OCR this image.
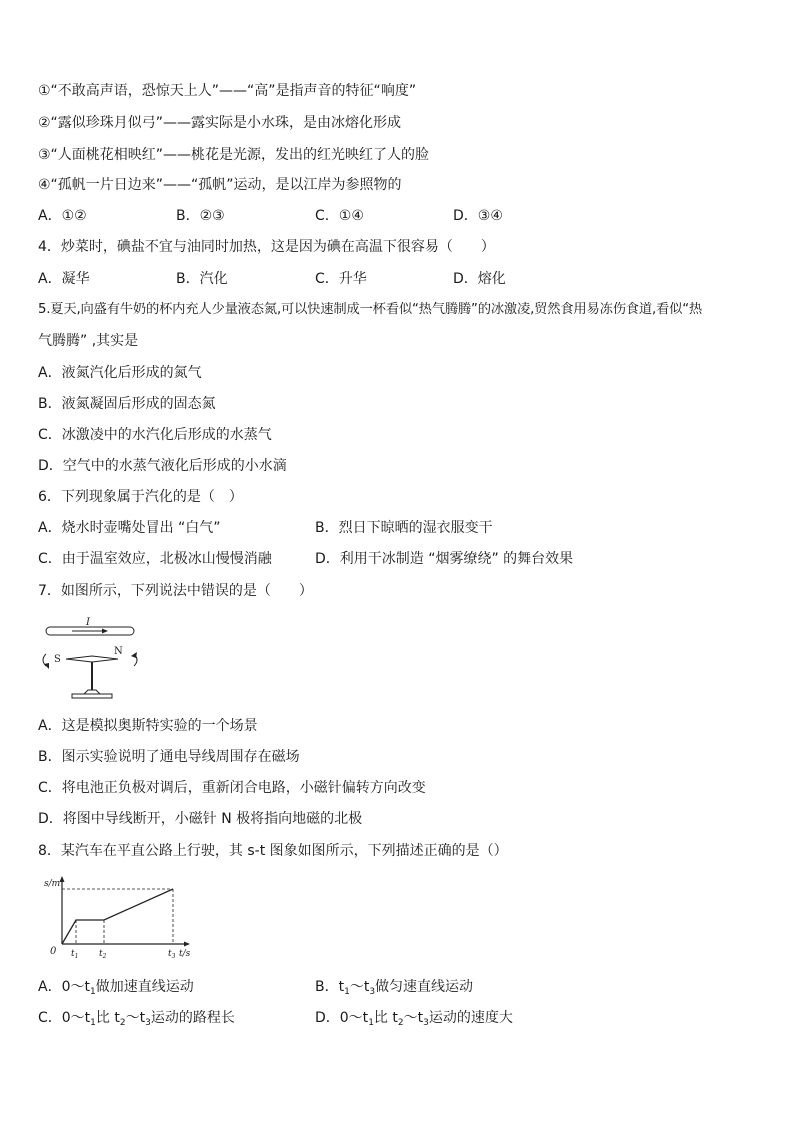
①“不敢高声语，恐惊天上人”——“高”是指声音的特征“响度”
②“露似珍珠月似弓”——露实际是小水珠，是由冰熔化形成
③“人面桃花相映红”——桃花是光源，发出的红光映红了人的脸
④“孤帆一片日边来”——“孤帆”运动，是以江岸为参照物的
A．①②	B．②③	C．①④	D．③④
4．炒菜时，碘盐不宜与油同时加热，这是因为碘在高温下很容易（　　）
A．凝华	B．汽化	C．升华	D．熔化
5.夏天,向盛有牛奶的杯内充人少量液态氮,可以快速制成一杯看似“热气腾腾”的冰激凌,贸然食用易冻伤食道,看似“热
气腾腾” ,其实是
A．液氮汽化后形成的氮气
B．液氮凝固后形成的固态氮
C．冰激凌中的水汽化后形成的水蒸气
D．空气中的水蒸气液化后形成的小水滴
6．下列现象属于汽化的是（　）
A．烧水时壶嘴处冒出 “白气”	B．烈日下晾晒的湿衣服变干
C．由于温室效应，北极冰山慢慢消融	D．利用干冰制造 “烟雾缭绕” 的舞台效果
7．如图所示，下列说法中错误的是（　　）
I
S
N
A．这是模拟奥斯特实验的一个场景
B．图示实验说明了通电导线周围存在磁场
C．将电池正负极对调后，重新闭合电路，小磁针偏转方向改变
D．将图中导线断开，小磁针 N 极将指向地磁的北极
8．某汽车在平直公路上行驶，其 s-t 图象如图所示，下列描述正确的是（）
s/m
0 $t_1$ $t_2$	$t_3$ t/s
A．$0\sim t_1$做加速直线运动	B．$t_1\sim t_3$做匀速直线运动
C．$0\sim t_1$比 $t_2\sim t_3$运动的路程长	D．$0\sim t_1$比 $t_2\sim t_3$运动的速度大
